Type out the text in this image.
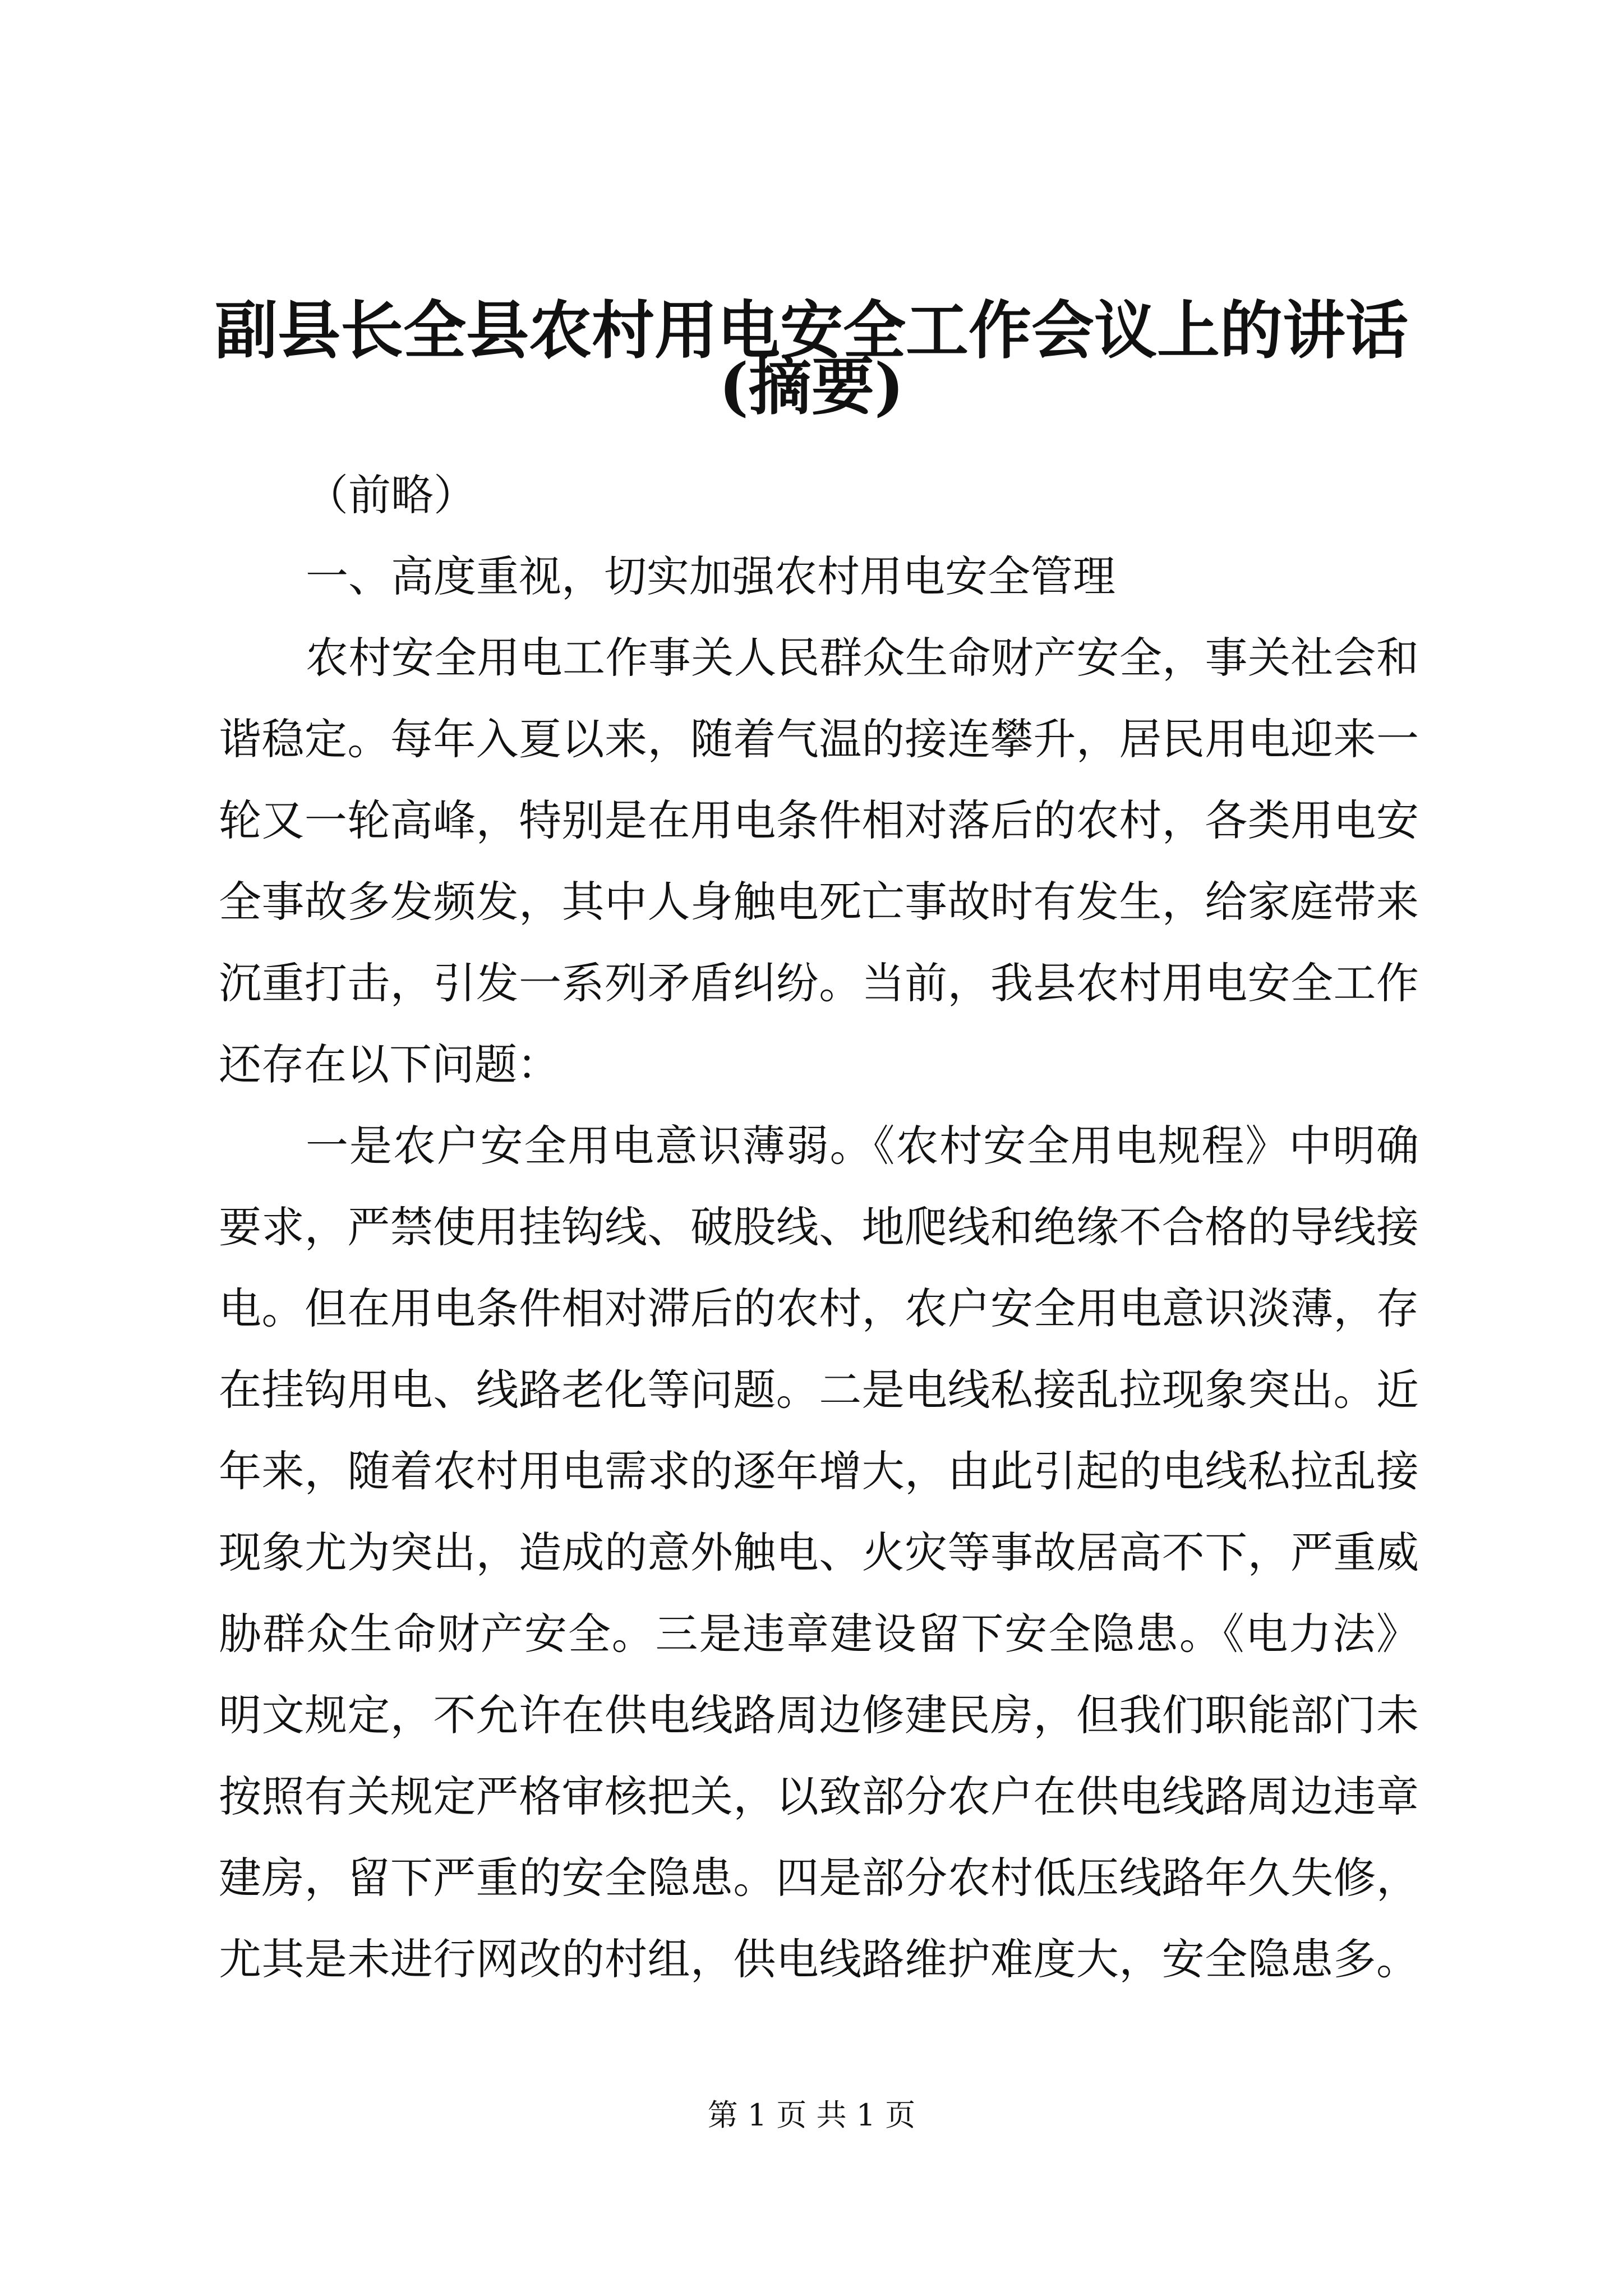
副县长全县农村用电安全工作会议上的讲话
(摘要)

（前略）

一、高度重视，切实加强农村用电安全管理

农村安全用电工作事关人民群众生命财产安全，事关社会和

谐稳定。每年入夏以来，随着气温的接连攀升，居民用电迎来一

轮又一轮高峰，特别是在用电条件相对落后的农村，各类用电安

全事故多发频发，其中人身触电死亡事故时有发生，给家庭带来

沉重打击，引发一系列矛盾纠纷。当前，我县农村用电安全工作

还存在以下问题：

一是农户安全用电意识薄弱。《农村安全用电规程》中明确

要求，严禁使用挂钩线、破股线、地爬线和绝缘不合格的导线接

电。但在用电条件相对滞后的农村，农户安全用电意识淡薄，存

在挂钩用电、线路老化等问题。二是电线私接乱拉现象突出。近

年来，随着农村用电需求的逐年增大，由此引起的电线私拉乱接

现象尤为突出，造成的意外触电、火灾等事故居高不下，严重威

胁群众生命财产安全。三是违章建设留下安全隐患。《电力法》

明文规定，不允许在供电线路周边修建民房，但我们职能部门未

按照有关规定严格审核把关，以致部分农户在供电线路周边违章

建房，留下严重的安全隐患。四是部分农村低压线路年久失修，

尤其是未进行网改的村组，供电线路维护难度大，安全隐患多。

第 1 页 共 1 页
